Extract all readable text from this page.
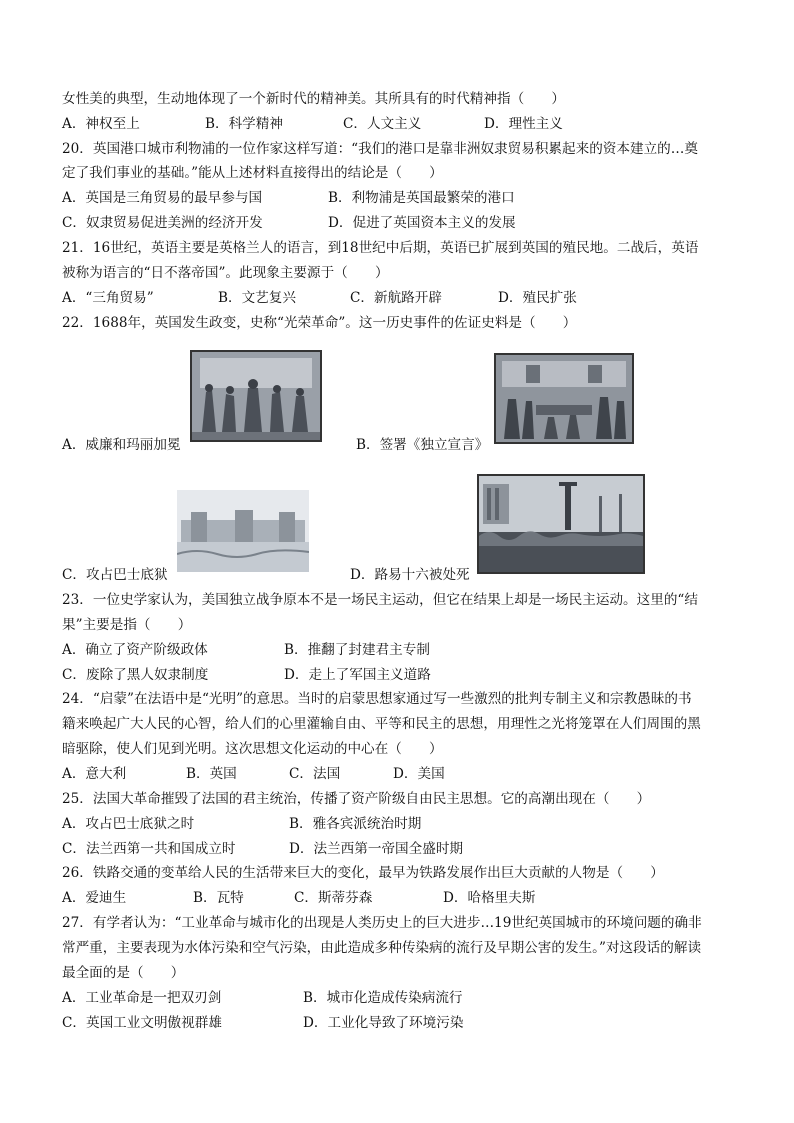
女性美的典型，生动地体现了一个新时代的精神美。其所具有的时代精神指（　　）
A．神权至上	B．科学精神	C．人文主义	D．理性主义
20．英国港口城市利物浦的一位作家这样写道：“我们的港口是靠非洲奴隶贸易积累起来的资本建立的…奠
定了我们事业的基础。”能从上述材料直接得出的结论是（　　）
A．英国是三角贸易的最早参与国	B．利物浦是英国最繁荣的港口
C．奴隶贸易促进美洲的经济开发	D．促进了英国资本主义的发展
21．16世纪，英语主要是英格兰人的语言，到18世纪中后期，英语已扩展到英国的殖民地。二战后，英语
被称为语言的“日不落帝国”。此现象主要源于（　　）
A．“三角贸易”	B．文艺复兴	C．新航路开辟	D．殖民扩张
22．1688年，英国发生政变，史称“光荣革命”。这一历史事件的佐证史料是（　　）
A．威廉和玛丽加冕	B．签署《独立宣言》
C．攻占巴士底狱	D．路易十六被处死
23．一位史学家认为，美国独立战争原本不是一场民主运动，但它在结果上却是一场民主运动。这里的“结
果”主要是指（　　）
A．确立了资产阶级政体	B．推翻了封建君主专制
C．废除了黑人奴隶制度	D．走上了军国主义道路
24．“启蒙”在法语中是“光明”的意思。当时的启蒙思想家通过写一些激烈的批判专制主义和宗教愚昧的书
籍来唤起广大人民的心智，给人们的心里灌输自由、平等和民主的思想，用理性之光将笼罩在人们周围的黑
暗驱除，使人们见到光明。这次思想文化运动的中心在（　　）
A．意大利	B．英国	C．法国	D．美国
25．法国大革命摧毁了法国的君主统治，传播了资产阶级自由民主思想。它的高潮出现在（　　）
A．攻占巴士底狱之时	B．雅各宾派统治时期
C．法兰西第一共和国成立时	D．法兰西第一帝国全盛时期
26．铁路交通的变革给人民的生活带来巨大的变化，最早为铁路发展作出巨大贡献的人物是（　　）
A．爱迪生	B．瓦特	C．斯蒂芬森	D．哈格里夫斯
27．有学者认为：“工业革命与城市化的出现是人类历史上的巨大进步…19世纪英国城市的环境问题的确非
常严重，主要表现为水体污染和空气污染，由此造成多种传染病的流行及早期公害的发生。”对这段话的解读
最全面的是（　　）
A．工业革命是一把双刃剑	B．城市化造成传染病流行
C．英国工业文明傲视群雄	D．工业化导致了环境污染
